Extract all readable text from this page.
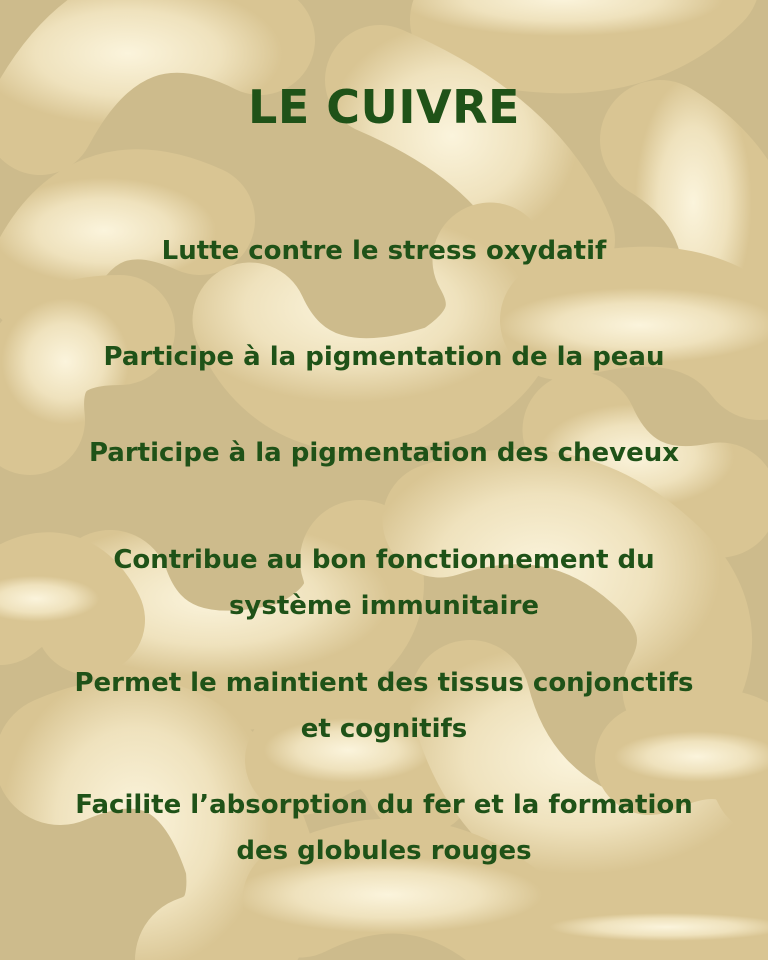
LE CUIVRE
Lutte contre le stress oxydatif
Participe à la pigmentation de la peau
Participe à la pigmentation des cheveux
Contribue au bon fonctionnement du
système immunitaire
Permet le maintient des tissus conjonctifs
et cognitifs
Facilite l’absorption du fer et la formation
des globules rouges
